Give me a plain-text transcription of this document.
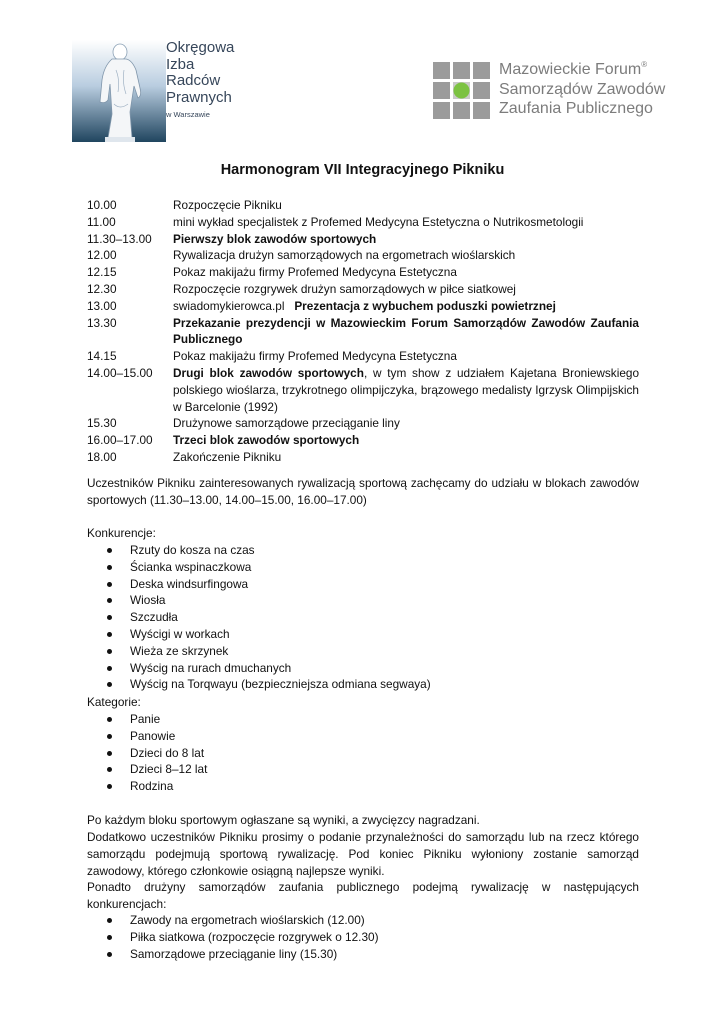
Okręgowa
Izba
Radców
Prawnych
w Warszawie
Mazowieckie Forum®
Samorządów Zawodów
Zaufania Publicznego
Harmonogram VII Integracyjnego Pikniku
10.00	Rozpoczęcie Pikniku
11.00	mini wykład specjalistek z Profemed Medycyna Estetyczna o Nutrikosmetologii
11.30–13.00	Pierwszy blok zawodów sportowych
12.00	Rywalizacja drużyn samorządowych na ergometrach wioślarskich
12.15	Pokaz makijażu firmy Profemed Medycyna Estetyczna
12.30	Rozpoczęcie rozgrywek drużyn samorządowych w piłce siatkowej
13.00	swiadomykierowca.pl Prezentacja z wybuchem poduszki powietrznej
13.30	Przekazanie prezydencji w Mazowieckim Forum Samorządów Zawodów Zaufania Publicznego
14.15	Pokaz makijażu firmy Profemed Medycyna Estetyczna
14.00–15.00	Drugi blok zawodów sportowych, w tym show z udziałem Kajetana Broniewskiego polskiego wioślarza, trzykrotnego olimpijczyka, brązowego medalisty Igrzysk Olimpijskich w Barcelonie (1992)
15.30	Drużynowe samorządowe przeciąganie liny
16.00–17.00	Trzeci blok zawodów sportowych
18.00	Zakończenie Pikniku
Uczestników Pikniku zainteresowanych rywalizacją sportową zachęcamy do udziału w blokach zawodów sportowych (11.30–13.00, 14.00–15.00, 16.00–17.00)
Konkurencje:
Rzuty do kosza na czas
Ścianka wspinaczkowa
Deska windsurfingowa
Wiosła
Szczudła
Wyścigi w workach
Wieża ze skrzynek
Wyścig na rurach dmuchanych
Wyścig na Torqwayu (bezpieczniejsza odmiana segwaya)
Kategorie:
Panie
Panowie
Dzieci do 8 lat
Dzieci 8–12 lat
Rodzina
Po każdym bloku sportowym ogłaszane są wyniki, a zwycięzcy nagradzani.
Dodatkowo uczestników Pikniku prosimy o podanie przynależności do samorządu lub na rzecz którego samorządu podejmują sportową rywalizację. Pod koniec Pikniku wyłoniony zostanie samorząd zawodowy, którego członkowie osiągną najlepsze wyniki.
Ponadto drużyny samorządów zaufania publicznego podejmą rywalizację w następujących konkurencjach:
Zawody na ergometrach wioślarskich (12.00)
Piłka siatkowa (rozpoczęcie rozgrywek o 12.30)
Samorządowe przeciąganie liny (15.30)
